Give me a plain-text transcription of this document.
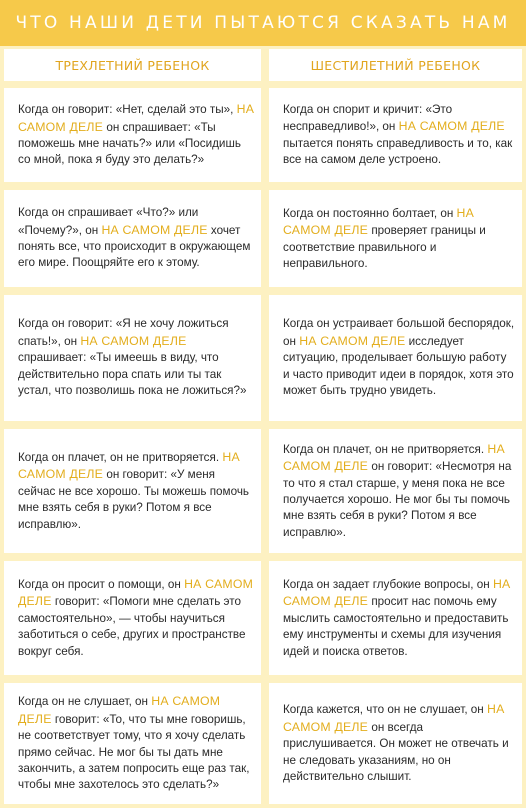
ЧТО НАШИ ДЕТИ ПЫТАЮТСЯ СКАЗАТЬ НАМ
ТРЕХЛЕТНИЙ РЕБЕНОК	ШЕСТИЛЕТНИЙ РЕБЕНОК

Когда он говорит: «Нет, сделай это ты», НА САМОМ ДЕЛЕ он спрашивает: «Ты поможешь мне начать?» или «Посидишь со мной, пока я буду это делать?»

Когда он спорит и кричит: «Это несправедливо!», он НА САМОМ ДЕЛЕ пытается понять справедливость и то, как все на самом деле устроено.

Когда он спрашивает «Что?» или «Почему?», он НА САМОМ ДЕЛЕ хочет понять все, что происходит в окружающем его мире. Поощряйте его к этому.

Когда он постоянно болтает, он НА САМОМ ДЕЛЕ проверяет границы и соответствие правильного и неправильного.

Когда он говорит: «Я не хочу ложиться спать!», он НА САМОМ ДЕЛЕ спрашивает: «Ты имеешь в виду, что действительно пора спать или ты так устал, что позволишь пока не ложиться?»

Когда он устраивает большой беспорядок, он НА САМОМ ДЕЛЕ исследует ситуацию, проделывает большую работу и часто приводит идеи в порядок, хотя это может быть трудно увидеть.

Когда он плачет, он не притворяется. НА САМОМ ДЕЛЕ он говорит: «У меня сейчас не все хорошо. Ты можешь помочь мне взять себя в руки? Потом я все исправлю».

Когда он плачет, он не притворяется. НА САМОМ ДЕЛЕ он говорит: «Несмотря на то что я стал старше, у меня пока не все получается хорошо. Не мог бы ты помочь мне взять себя в руки? Потом я все исправлю».

Когда он просит о помощи, он НА САМОМ ДЕЛЕ говорит: «Помоги мне сделать это самостоятельно», — чтобы научиться заботиться о себе, других и пространстве вокруг себя.

Когда он задает глубокие вопросы, он НА САМОМ ДЕЛЕ просит нас помочь ему мыслить самостоятельно и предоставить ему инструменты и схемы для изучения идей и поиска ответов.

Когда он не слушает, он НА САМОМ ДЕЛЕ говорит: «То, что ты мне говоришь, не соответствует тому, что я хочу сделать прямо сейчас. Не мог бы ты дать мне закончить, а затем попросить еще раз так, чтобы мне захотелось это сделать?»

Когда кажется, что он не слушает, он НА САМОМ ДЕЛЕ он всегда прислушивается. Он может не отвечать и не следовать указаниям, но он действительно слышит.
